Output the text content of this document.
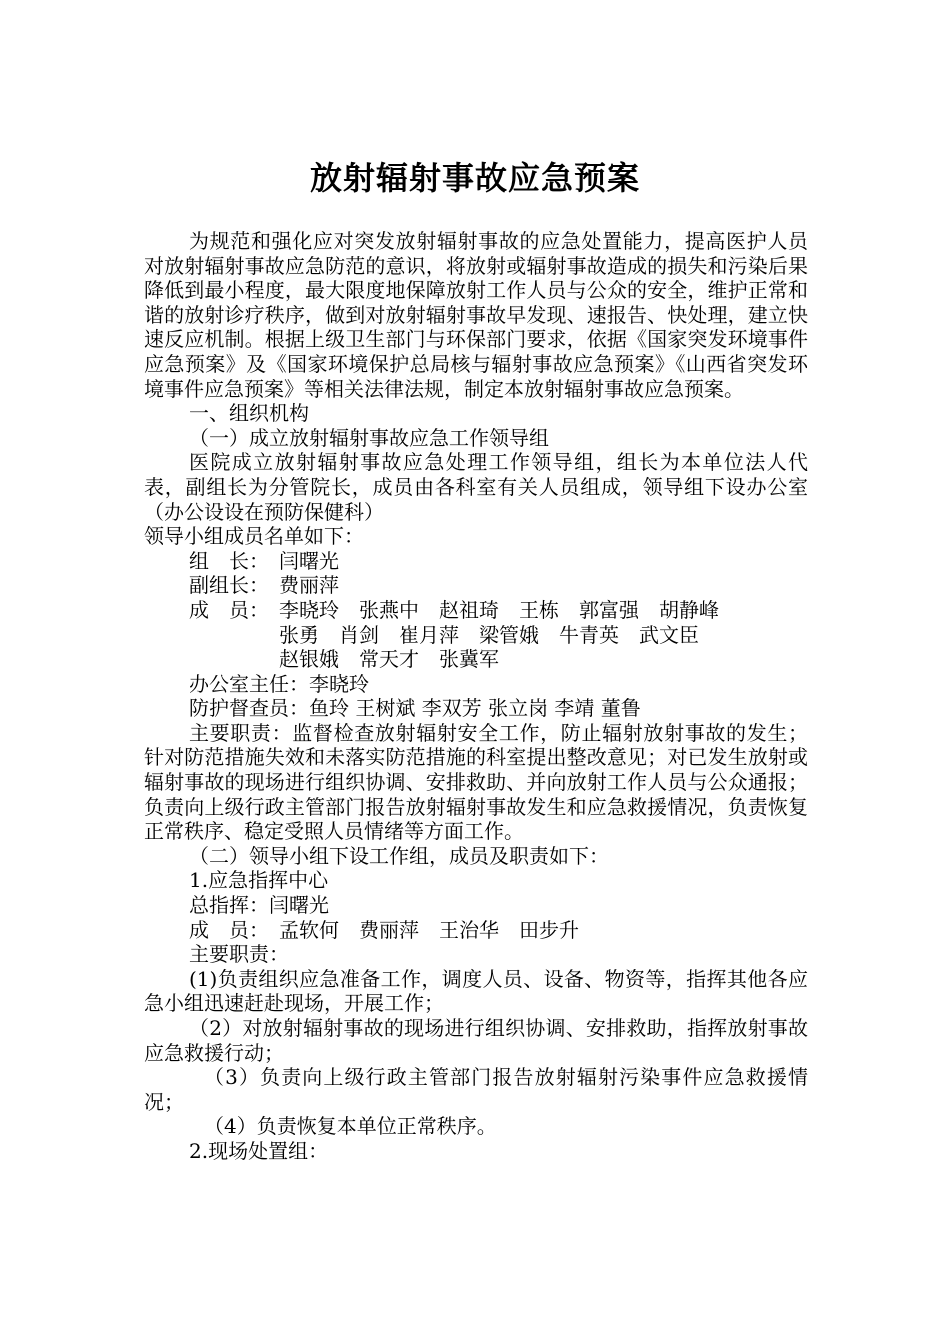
放射辐射事故应急预案

为规范和强化应对突发放射辐射事故的应急处置能力，提高医护人员对放射辐射事故应急防范的意识，将放射或辐射事故造成的损失和污染后果降低到最小程度，最大限度地保障放射工作人员与公众的安全，维护正常和谐的放射诊疗秩序，做到对放射辐射事故早发现、速报告、快处理，建立快速反应机制。根据上级卫生部门与环保部门要求，依据《国家突发环境事件应急预案》及《国家环境保护总局核与辐射事故应急预案》《山西省突发环境事件应急预案》等相关法律法规，制定本放射辐射事故应急预案。

一、组织机构

（一）成立放射辐射事故应急工作领导组

医院成立放射辐射事故应急处理工作领导组，组长为本单位法人代表，副组长为分管院长，成员由各科室有关人员组成，领导组下设办公室（办公设设在预防保健科）

领导小组成员名单如下：

组　长： 闫曙光
副组长： 费丽萍
成　员： 李晓玲　张燕中　赵祖琦　王栋　郭富强　胡静峰
张勇　肖剑　崔月萍　梁管娥　牛青英　武文臣
赵银娥　常天才　张冀军
办公室主任：李晓玲
防护督查员：鱼玲 王树斌 李双芳 张立岗 李靖 董鲁

主要职责：监督检查放射辐射安全工作，防止辐射放射事故的发生；针对防范措施失效和未落实防范措施的科室提出整改意见；对已发生放射或辐射事故的现场进行组织协调、安排救助、并向放射工作人员与公众通报；负责向上级行政主管部门报告放射辐射事故发生和应急救援情况，负责恢复正常秩序、稳定受照人员情绪等方面工作。

（二）领导小组下设工作组，成员及职责如下：

1.应急指挥中心

总指挥：闫曙光

成　员：　孟软何　费丽萍　王治华　田步升

主要职责：

(1)负责组织应急准备工作，调度人员、设备、物资等，指挥其他各应急小组迅速赶赴现场，开展工作；

（2）对放射辐射事故的现场进行组织协调、安排救助，指挥放射事故应急救援行动；

（3）负责向上级行政主管部门报告放射辐射污染事件应急救援情况；

（4）负责恢复本单位正常秩序。

2.现场处置组：
